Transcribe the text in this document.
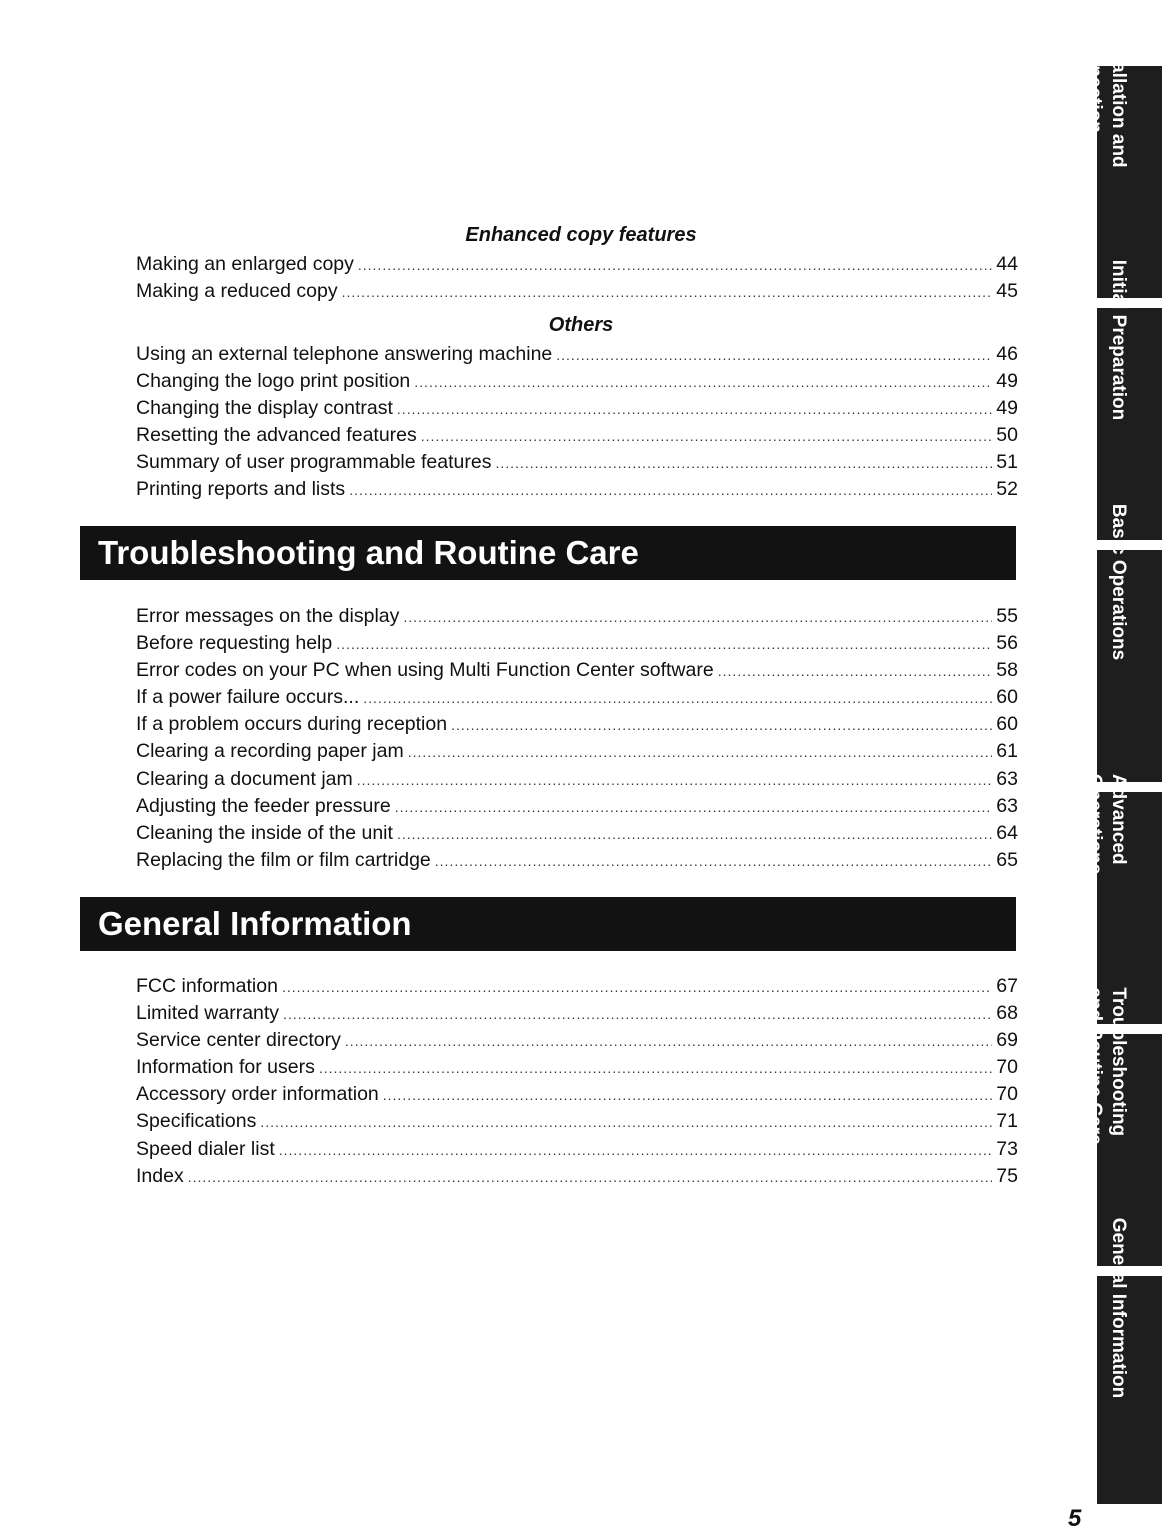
Enhanced copy features
Making an enlarged copy .....	44
Making a reduced copy .....	45
Others
Using an external telephone answering machine .....	46
Changing the logo print position .....	49
Changing the display contrast .....	49
Resetting the advanced features .....	50
Summary of user programmable features .....	51
Printing reports and lists .....	52
Troubleshooting and Routine Care
Error messages on the display .....	55
Before requesting help .....	56
Error codes on your PC when using Multi Function Center software .....	58
If a power failure occurs... .....	60
If a problem occurs during reception .....	60
Clearing a recording paper jam .....	61
Clearing a document jam .....	63
Adjusting the feeder pressure .....	63
Cleaning the inside of the unit .....	64
Replacing the film or film cartridge .....	65
General Information
FCC information .....	67
Limited warranty .....	68
Service center directory .....	69
Information for users .....	70
Accessory order information .....	70
Specifications .....	71
Speed dialer list .....	73
Index .....	75
Installation and
Connection
Initial Preparation
Basic Operations
Advanced
Operations
Troubleshooting
and Routine Care
General Information
5
